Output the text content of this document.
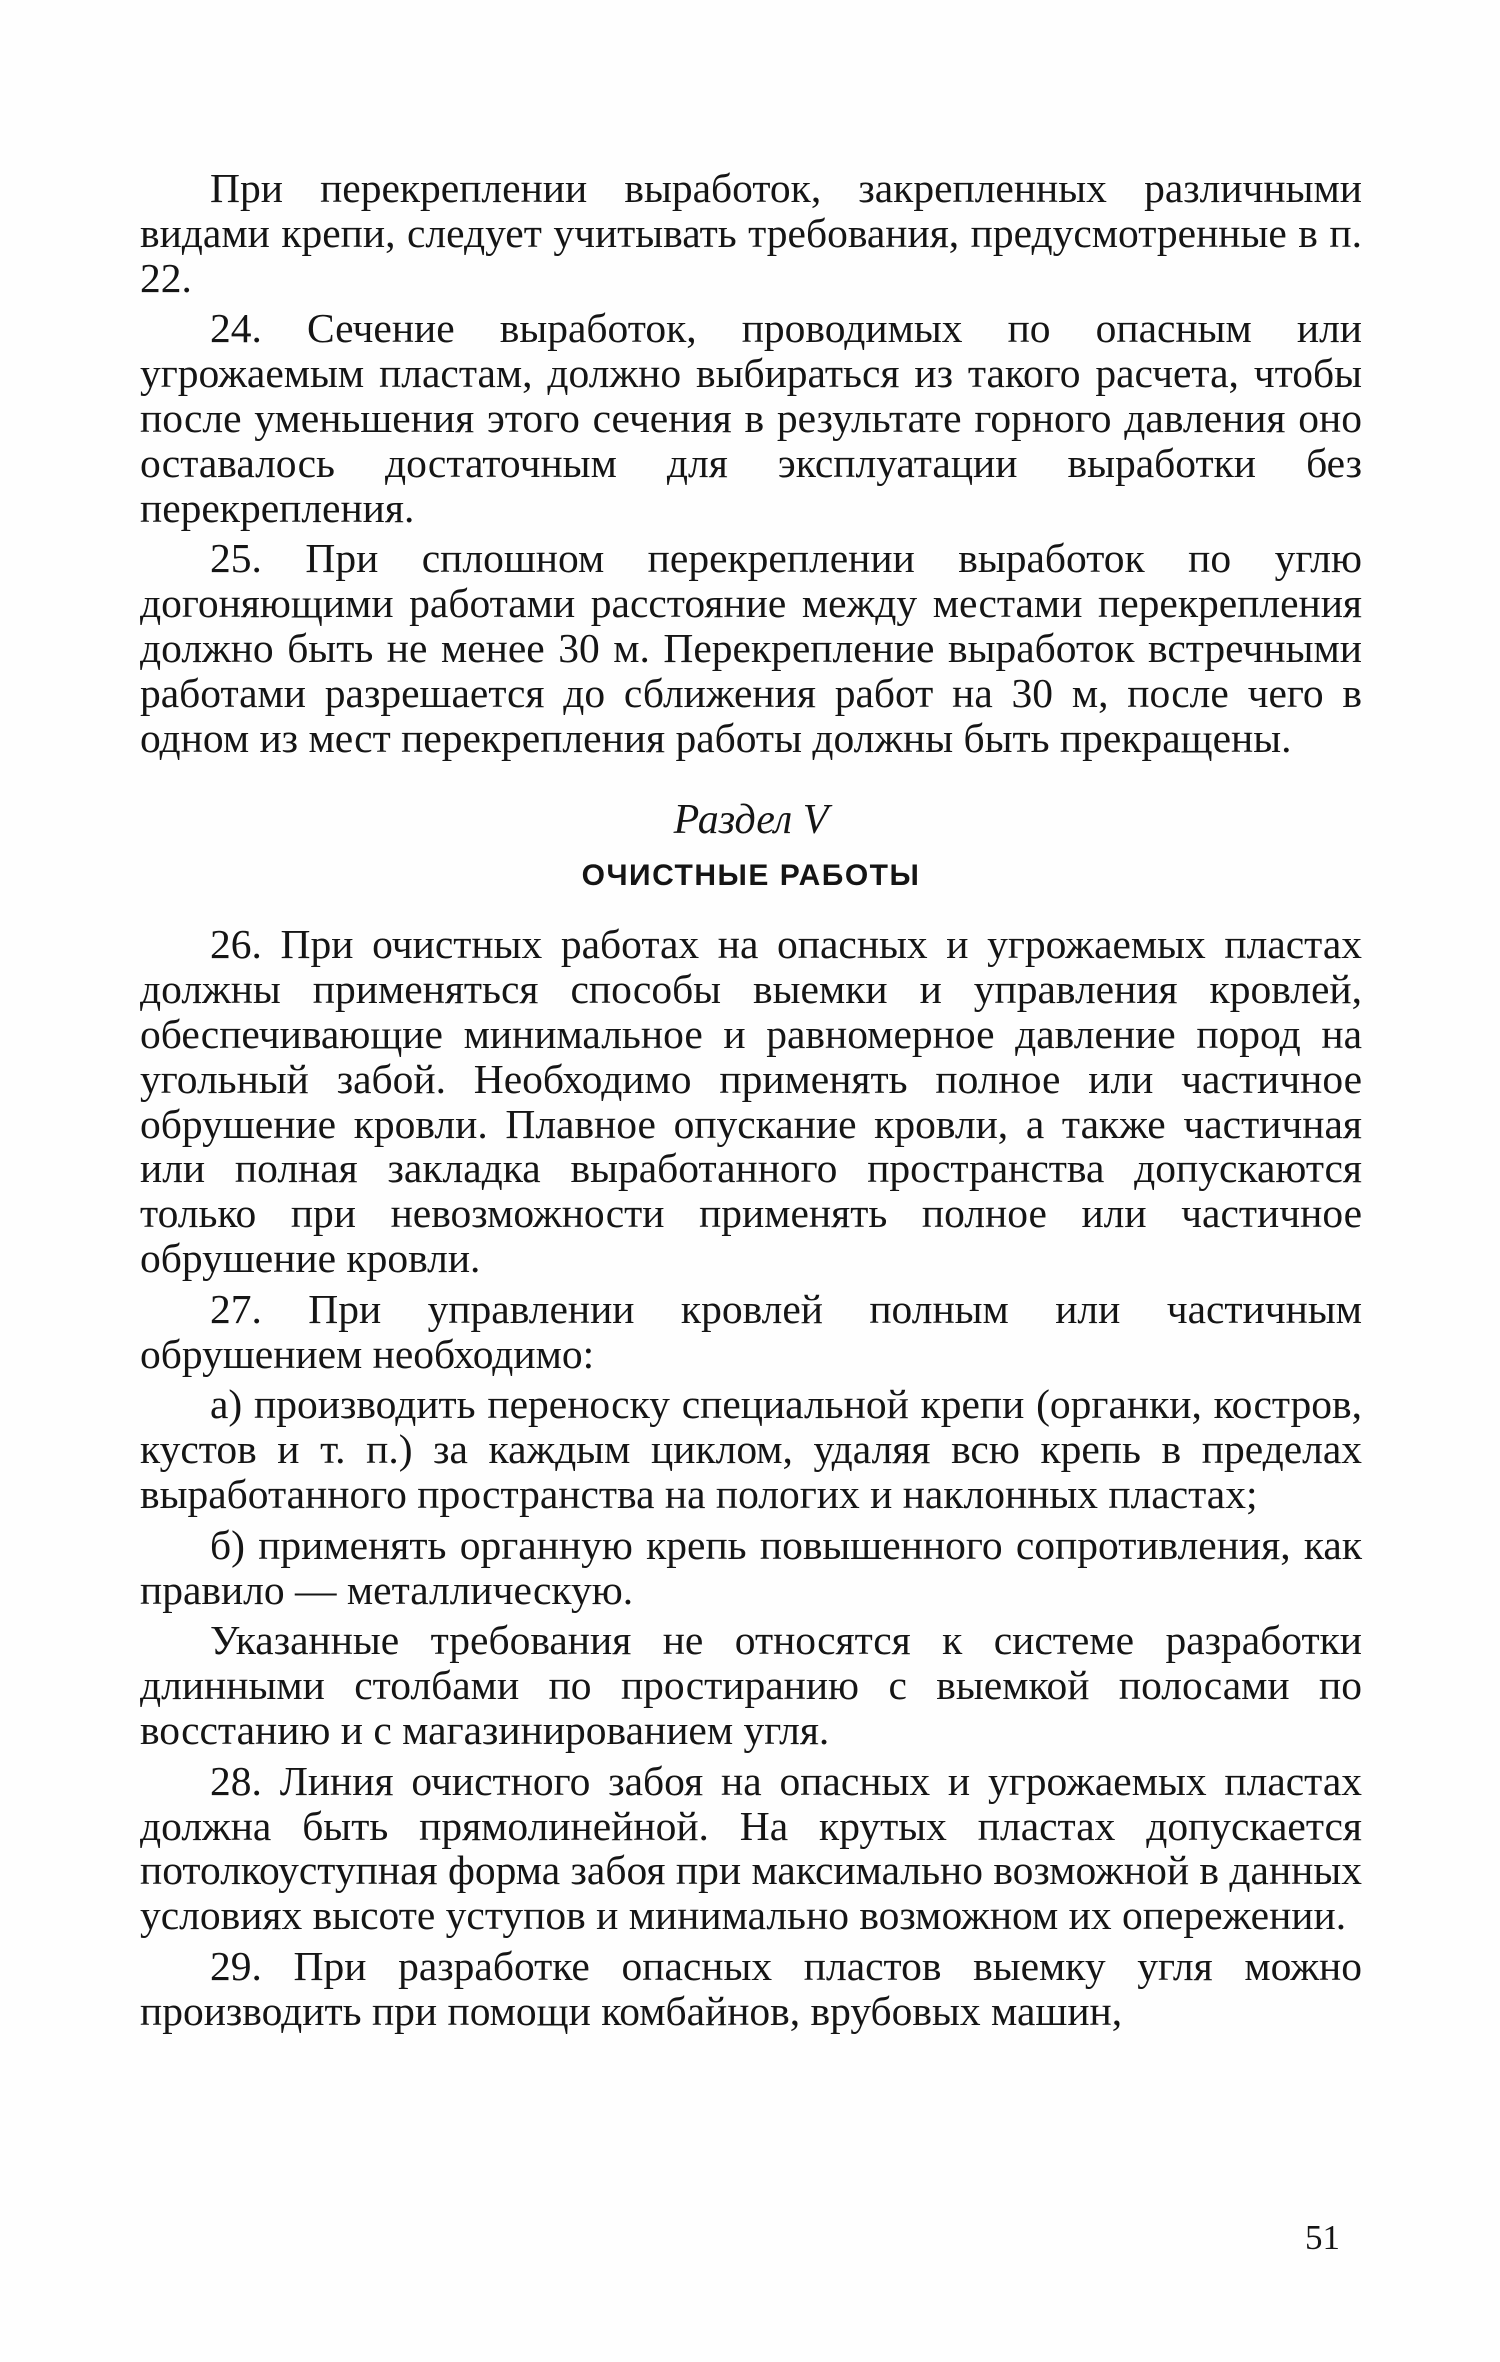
При перекреплении выработок, закрепленных различными видами крепи, следует учитывать требования, предусмотренные в п. 22.

24. Сечение выработок, проводимых по опасным или угрожаемым пластам, должно выбираться из такого расчета, чтобы после уменьшения этого сечения в результате горного давления оно оставалось достаточным для эксплуатации выработки без перекрепления.

25. При сплошном перекреплении выработок по углю догоняющими работами расстояние между местами перекрепления должно быть не менее 30 м. Перекрепление выработок встречными работами разрешается до сближения работ на 30 м, после чего в одном из мест перекрепления работы должны быть прекращены.

Раздел V

ОЧИСТНЫЕ РАБОТЫ

26. При очистных работах на опасных и угрожаемых пластах должны применяться способы выемки и управления кровлей, обеспечивающие минимальное и равномерное давление пород на угольный забой. Необходимо применять полное или частичное обрушение кровли. Плавное опускание кровли, а также частичная или полная закладка выработанного пространства допускаются только при невозможности применять полное или частичное обрушение кровли.

27. При управлении кровлей полным или частичным обрушением необходимо:

а) производить переноску специальной крепи (органки, костров, кустов и т. п.) за каждым циклом, удаляя всю крепь в пределах выработанного пространства на пологих и наклонных пластах;

б) применять органную крепь повышенного сопротивления, как правило — металлическую.

Указанные требования не относятся к системе разработки длинными столбами по простиранию с выемкой полосами по восстанию и с магазинированием угля.

28. Линия очистного забоя на опасных и угрожаемых пластах должна быть прямолинейной. На крутых пластах допускается потолкоуступная форма забоя при максимально возможной в данных условиях высоте уступов и минимально возможном их опережении.

29. При разработке опасных пластов выемку угля можно производить при помощи комбайнов, врубовых машин,

51
